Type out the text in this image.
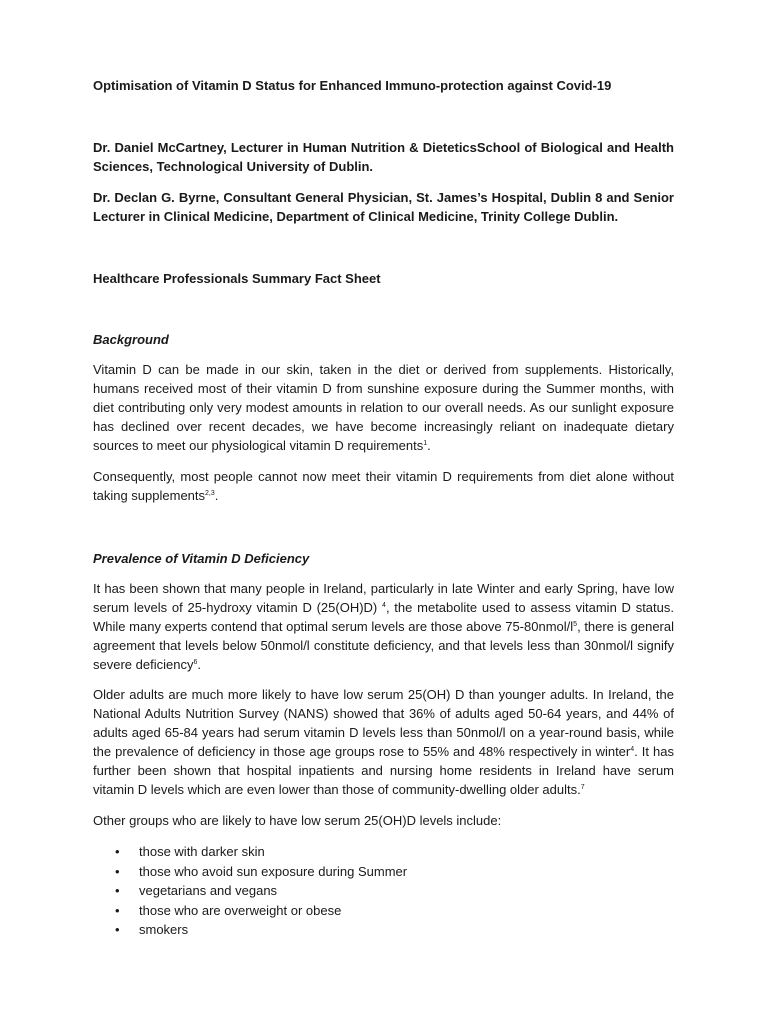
Optimisation of Vitamin D Status for Enhanced Immuno-protection against Covid-19

Dr. Daniel McCartney, Lecturer in Human Nutrition & DieteticsSchool of Biological and Health Sciences, Technological University of Dublin.

Dr. Declan G. Byrne, Consultant General Physician, St. James’s Hospital, Dublin 8 and Senior Lecturer in Clinical Medicine, Department of Clinical Medicine, Trinity College Dublin.

Healthcare Professionals Summary Fact Sheet

Background

Vitamin D can be made in our skin, taken in the diet or derived from supplements. Historically, humans received most of their vitamin D from sunshine exposure during the Summer months, with diet contributing only very modest amounts in relation to our overall needs. As our sunlight exposure has declined over recent decades, we have become increasingly reliant on inadequate dietary sources to meet our physiological vitamin D requirements$^1$.

Consequently, most people cannot now meet their vitamin D requirements from diet alone without taking supplements$^{2,3}$.

Prevalence of Vitamin D Deficiency

It has been shown that many people in Ireland, particularly in late Winter and early Spring, have low serum levels of 25-hydroxy vitamin D (25(OH)D) $^4$, the metabolite used to assess vitamin D status. While many experts contend that optimal serum levels are those above $75-80nmol/l^5$, there is general agreement that levels below 50nmol/l constitute deficiency, and that levels less than 30nmol/l signify severe deficiency$^6$.

Older adults are much more likely to have low serum 25(OH) D than younger adults. In Ireland, the National Adults Nutrition Survey (NANS) showed that 36% of adults aged 50-64 years, and 44% of adults aged 65-84 years had serum vitamin D levels less than 50nmol/l on a year-round basis, while the prevalence of deficiency in those age groups rose to 55% and 48% respectively in winter$^4$. It has further been shown that hospital inpatients and nursing home residents in Ireland have serum vitamin D levels which are even lower than those of community-dwelling older adults.$^7$

Other groups who are likely to have low serum 25(OH)D levels include:

• those with darker skin
• those who avoid sun exposure during Summer
• vegetarians and vegans
• those who are overweight or obese
• smokers
